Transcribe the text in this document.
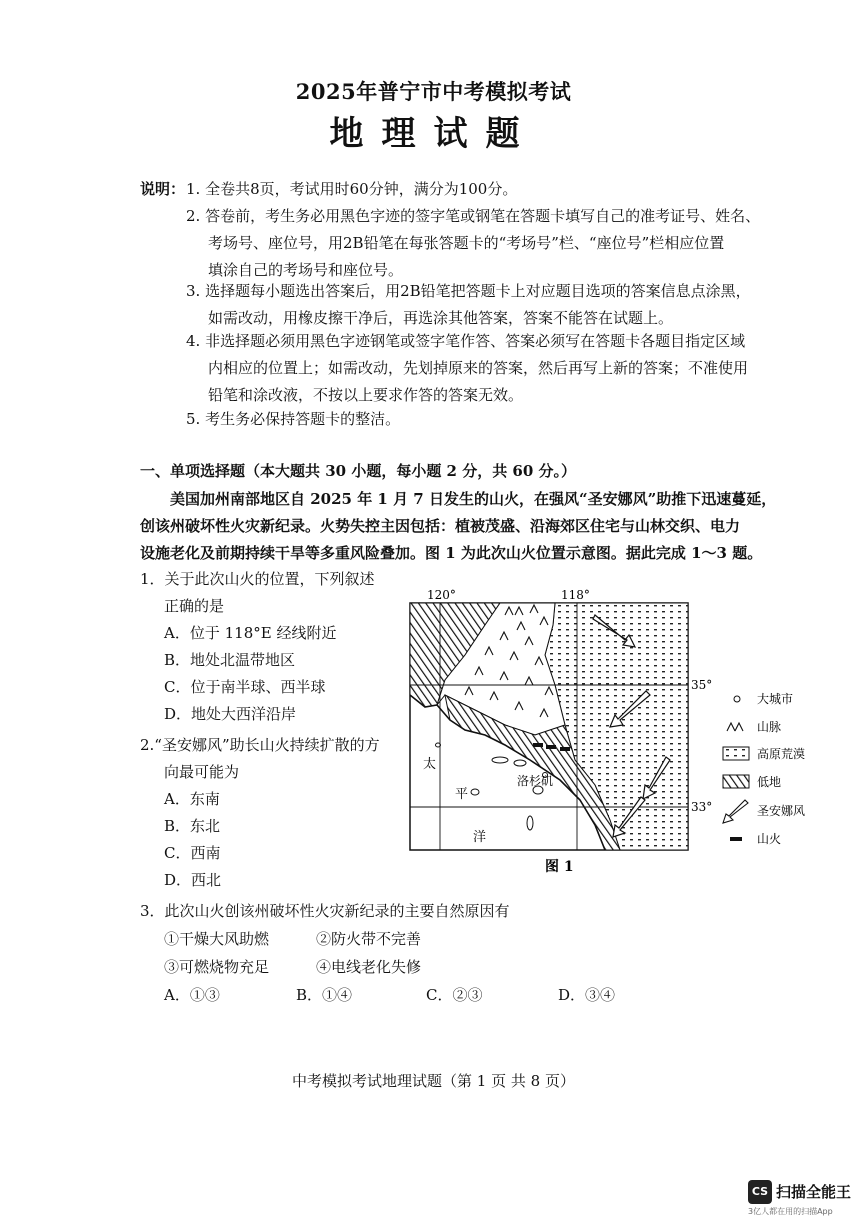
2025年普宁市中考模拟考试
地理试题
说明： 1. 全卷共8页，考试用时60分钟，满分为100分。
2. 答卷前，考生务必用黑色字迹的签字笔或钢笔在答题卡填写自己的准考证号、姓名、
考场号、座位号，用2B铅笔在每张答题卡的“考场号”栏、“座位号”栏相应位置
填涂自己的考场号和座位号。
3. 选择题每小题选出答案后，用2B铅笔把答题卡上对应题目选项的答案信息点涂黑，
如需改动，用橡皮擦干净后，再选涂其他答案，答案不能答在试题上。
4. 非选择题必须用黑色字迹钢笔或签字笔作答、答案必须写在答题卡各题目指定区域
内相应的位置上；如需改动，先划掉原来的答案，然后再写上新的答案；不准使用
铅笔和涂改液，不按以上要求作答的答案无效。
5. 考生务必保持答题卡的整洁。
一、单项选择题（本大题共 30 小题，每小题 2 分，共 60 分。）
美国加州南部地区自 2025 年 1 月 7 日发生的山火，在强风“圣安娜风”助推下迅速蔓延，
创该州破坏性火灾新纪录。火势失控主因包括：植被茂盛、沿海郊区住宅与山林交织、电力
设施老化及前期持续干旱等多重风险叠加。图 1 为此次山火位置示意图。据此完成 1～3 题。
1．关于此次山火的位置，下列叙述
正确的是
A．位于 118°E 经线附近
B．地处北温带地区
C．位于南半球、西半球
D．地处大西洋沿岸
2.“圣安娜风”助长山火持续扩散的方
向最可能为
A．东南
B．东北
C．西南
D．西北
3．此次山火创该州破坏性火灾新纪录的主要自然原因有
①干燥大风助燃	②防火带不完善
③可燃烧物充足	④电线老化失修
A．①③	B．①④	C．②③	D．③④
120°	118°
35°
33°
太
平
洋
洛杉矶
图 1
大城市
山脉
高原荒漠
低地
圣安娜风
山火
中考模拟考试地理试题（第 1 页 共 8 页）
CS 扫描全能王
3亿人都在用的扫描App
